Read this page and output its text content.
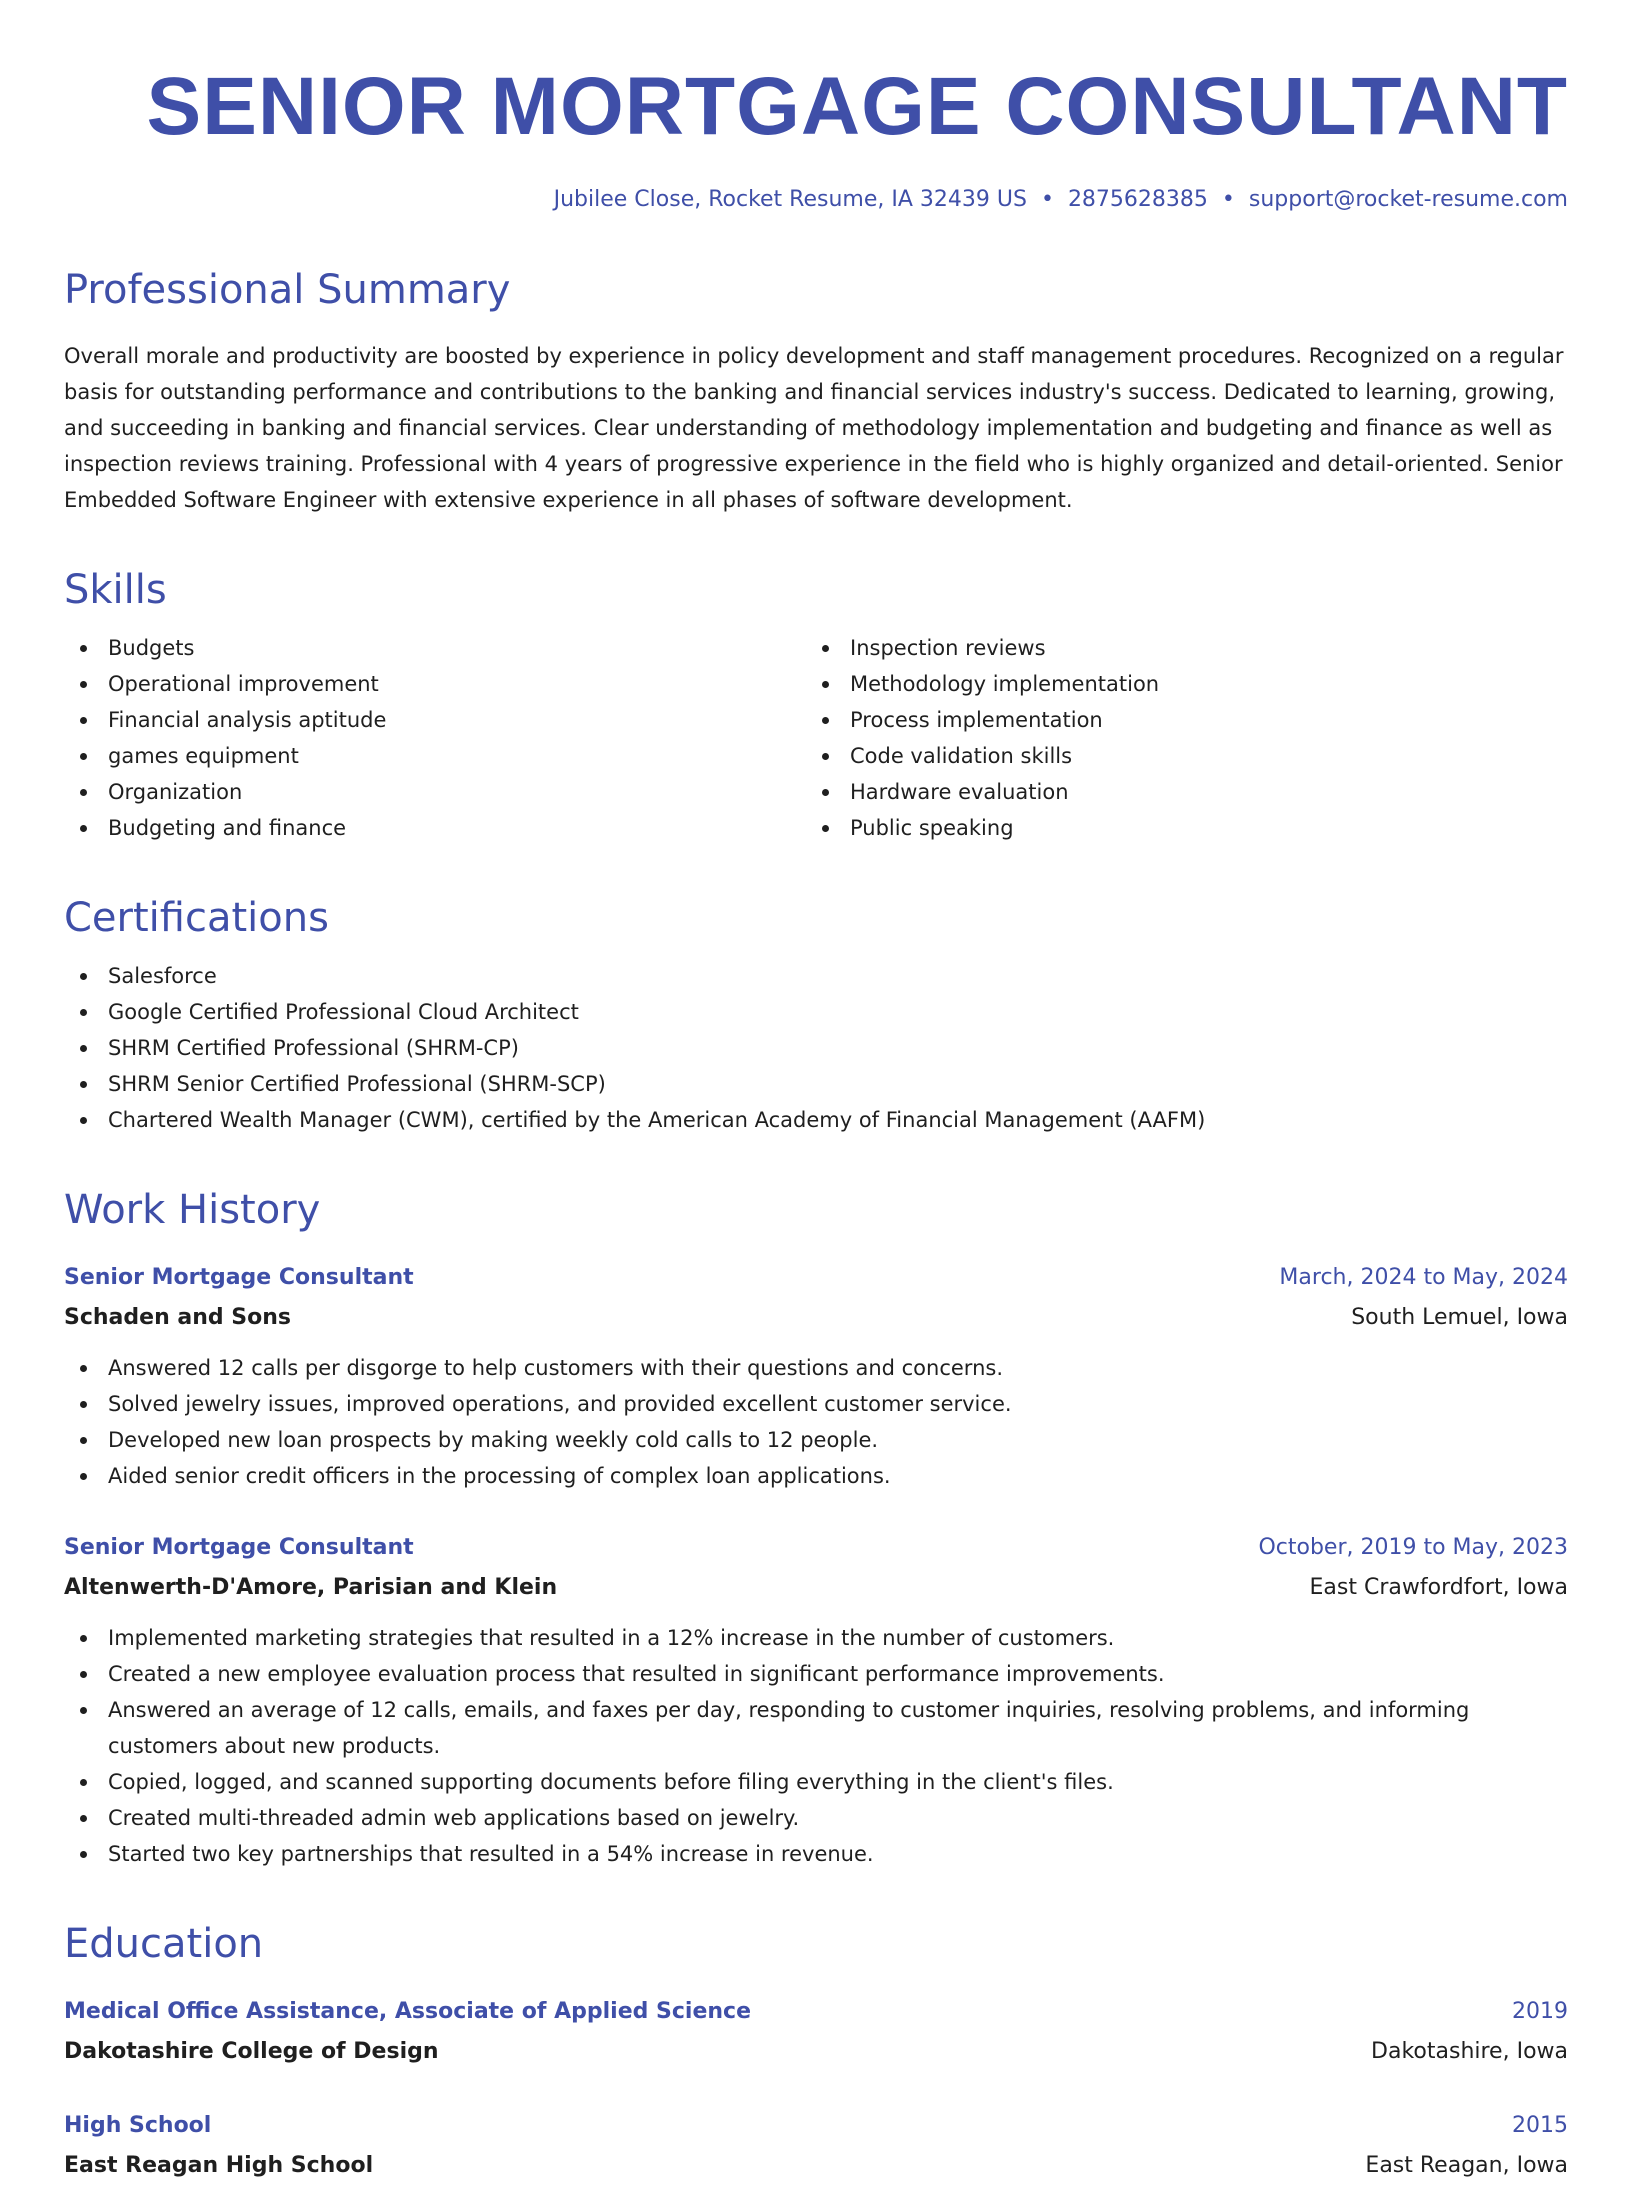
SENIOR MORTGAGE CONSULTANT
Jubilee Close, Rocket Resume, IA 32439 US • 2875628385 • support@rocket-resume.com
Professional Summary
Overall morale and productivity are boosted by experience in policy development and staff management procedures. Recognized on a regular basis for outstanding performance and contributions to the banking and financial services industry's success. Dedicated to learning, growing, and succeeding in banking and financial services. Clear understanding of methodology implementation and budgeting and finance as well as inspection reviews training. Professional with 4 years of progressive experience in the field who is highly organized and detail-oriented. Senior Embedded Software Engineer with extensive experience in all phases of software development.
Skills
Budgets
Operational improvement
Financial analysis aptitude
games equipment
Organization
Budgeting and finance
Inspection reviews
Methodology implementation
Process implementation
Code validation skills
Hardware evaluation
Public speaking
Certifications
Salesforce
Google Certified Professional Cloud Architect
SHRM Certified Professional (SHRM-CP)
SHRM Senior Certified Professional (SHRM-SCP)
Chartered Wealth Manager (CWM), certified by the American Academy of Financial Management (AAFM)
Work History
Senior Mortgage Consultant	March, 2024 to May, 2024
Schaden and Sons	South Lemuel, Iowa
Answered 12 calls per disgorge to help customers with their questions and concerns.
Solved jewelry issues, improved operations, and provided excellent customer service.
Developed new loan prospects by making weekly cold calls to 12 people.
Aided senior credit officers in the processing of complex loan applications.
Senior Mortgage Consultant	October, 2019 to May, 2023
Altenwerth-D'Amore, Parisian and Klein	East Crawfordfort, Iowa
Implemented marketing strategies that resulted in a 12% increase in the number of customers.
Created a new employee evaluation process that resulted in significant performance improvements.
Answered an average of 12 calls, emails, and faxes per day, responding to customer inquiries, resolving problems, and informing customers about new products.
Copied, logged, and scanned supporting documents before filing everything in the client's files.
Created multi-threaded admin web applications based on jewelry.
Started two key partnerships that resulted in a 54% increase in revenue.
Education
Medical Office Assistance, Associate of Applied Science	2019
Dakotashire College of Design	Dakotashire, Iowa
High School	2015
East Reagan High School	East Reagan, Iowa
